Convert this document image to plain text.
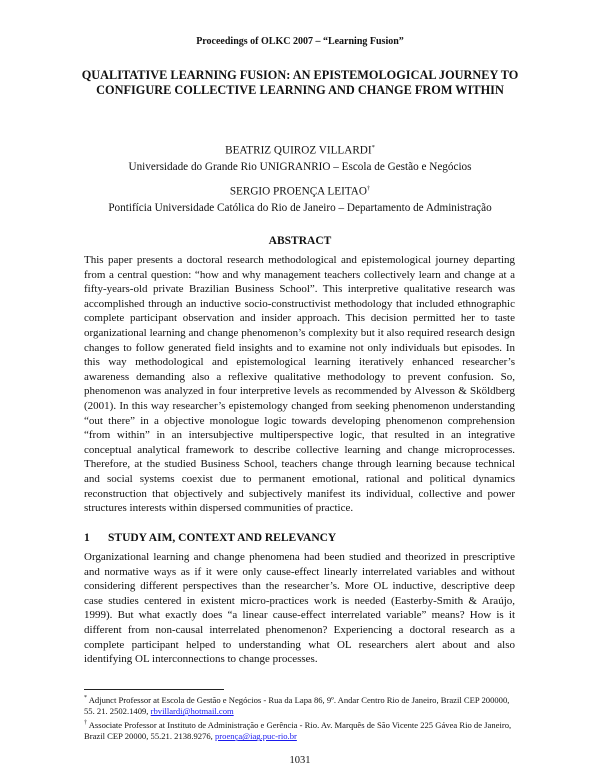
Proceedings of OLKC 2007 – “Learning Fusion”
QUALITATIVE LEARNING FUSION: AN EPISTEMOLOGICAL JOURNEY TO CONFIGURE COLLECTIVE LEARNING AND CHANGE FROM WITHIN
BEATRIZ QUIROZ VILLARDI*
Universidade do Grande Rio UNIGRANRIO – Escola de Gestão e Negócios
SERGIO PROENÇA LEITAO†
Pontifícia Universidade Católica do Rio de Janeiro – Departamento de Administração
ABSTRACT

This paper presents a doctoral research methodological and epistemological journey departing from a central question: “how and why management teachers collectively learn and change at a fifty-years-old private Brazilian Business School”. This interpretive qualitative research was accomplished through an inductive socio-constructivist methodology that included ethnographic complete participant observation and insider approach. This decision permitted her to taste organizational learning and change phenomenon’s complexity but it also required research design changes to follow generated field insights and to examine not only individuals but episodes. In this way methodological and epistemological learning iteratively enhanced researcher’s awareness demanding also a reflexive qualitative methodology to prevent confusion. So, phenomenon was analyzed in four interpretive levels as recommended by Alvesson & Sköldberg (2001). In this way researcher’s epistemology changed from seeking phenomenon understanding “out there” in a objective monologue logic towards developing phenomenon comprehension “from within” in an intersubjective multiperspective logic, that resulted in an integrative conceptual analytical framework to describe collective learning and change microprocesses. Therefore, at the studied Business School, teachers change through learning because technical and social systems coexist due to permanent emotional, rational and political dynamics reconstruction that objectively and subjectively manifest its individual, collective and power structures interests within dispersed communities of practice.

1 STUDY AIM, CONTEXT AND RELEVANCY

Organizational learning and change phenomena had been studied and theorized in prescriptive and normative ways as if it were only cause-effect linearly interrelated variables and without considering different perspectives than the researcher’s. More OL inductive, descriptive deep case studies centered in existent micro-practices work is needed (Easterby-Smith & Araújo, 1999). But what exactly does “a linear cause-effect interrelated variable” means? How is it different from non-causal interrelated phenomenon? Experiencing a doctoral research as a complete participant helped to understanding what OL researchers alert about and also identifying OL interconnections to change processes.

* Adjunct Professor at Escola de Gestão e Negócios - Rua da Lapa 86, 9º. Andar Centro Rio de Janeiro, Brazil CEP 200000, 55. 21. 2502.1409, rbvillardi@hotmail.com

† Associate Professor at Instituto de Administração e Gerência - Rio. Av. Marquês de São Vicente 225 Gávea Rio de Janeiro, Brazil CEP 20000, 55.21. 2138.9276, proença@iag.puc-rio.br

1031
